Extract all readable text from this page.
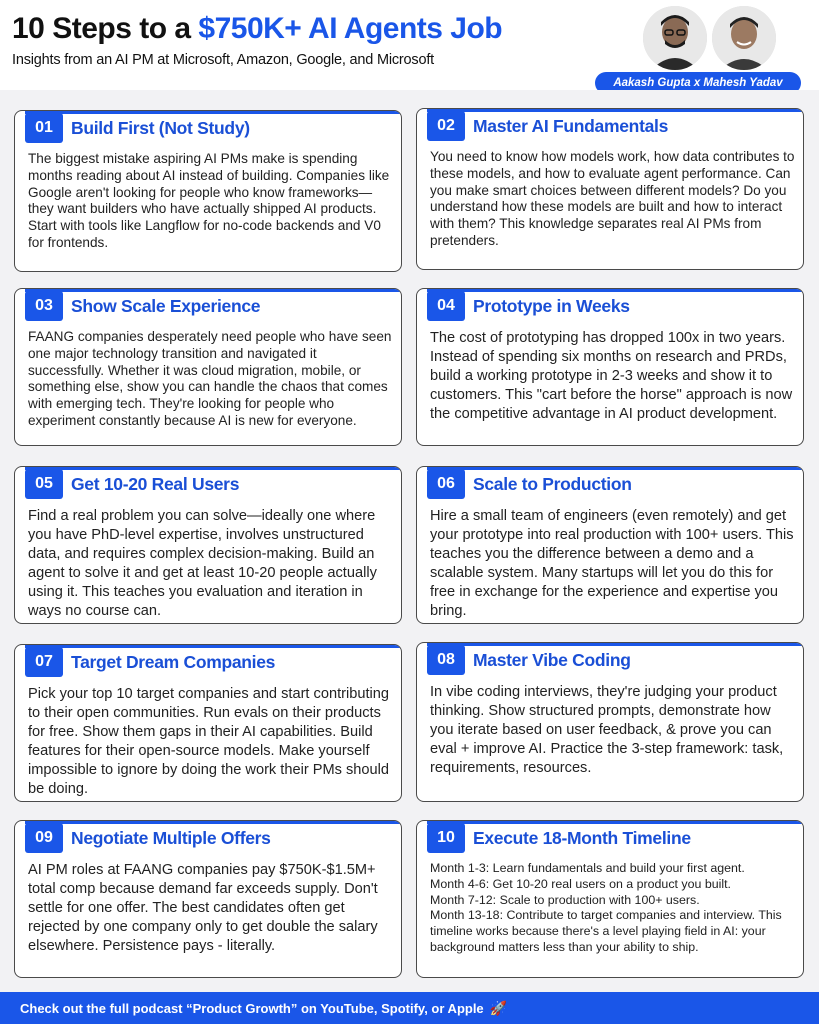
10 Steps to a $750K+ AI Agents Job
Insights from an AI PM at Microsoft, Amazon, Google, and Microsoft
Aakash Gupta x Mahesh Yadav
01	Build First (Not Study)
The biggest mistake aspiring AI PMs make is spending months reading about AI instead of building. Companies like Google aren't looking for people who know frameworks—they want builders who have actually shipped AI products. Start with tools like Langflow for no-code backends and V0 for frontends.
02	Master AI Fundamentals
You need to know how models work, how data contributes to these models, and how to evaluate agent performance. Can you make smart choices between different models? Do you understand how these models are built and how to interact with them? This knowledge separates real AI PMs from pretenders.
03	Show Scale Experience
FAANG companies desperately need people who have seen one major technology transition and navigated it successfully. Whether it was cloud migration, mobile, or something else, show you can handle the chaos that comes with emerging tech. They're looking for people who experiment constantly because AI is new for everyone.
04	Prototype in Weeks
The cost of prototyping has dropped 100x in two years. Instead of spending six months on research and PRDs, build a working prototype in 2-3 weeks and show it to customers. This "cart before the horse" approach is now the competitive advantage in AI product development.
05	Get 10-20 Real Users
Find a real problem you can solve—ideally one where you have PhD-level expertise, involves unstructured data, and requires complex decision-making. Build an agent to solve it and get at least 10-20 people actually using it. This teaches you evaluation and iteration in ways no course can.
06	Scale to Production
Hire a small team of engineers (even remotely) and get your prototype into real production with 100+ users. This teaches you the difference between a demo and a scalable system. Many startups will let you do this for free in exchange for the experience and expertise you bring.
07	Target Dream Companies
Pick your top 10 target companies and start contributing to their open communities. Run evals on their products for free. Show them gaps in their AI capabilities. Build features for their open-source models. Make yourself impossible to ignore by doing the work their PMs should be doing.
08	Master Vibe Coding
In vibe coding interviews, they're judging your product thinking. Show structured prompts, demonstrate how you iterate based on user feedback, & prove you can eval + improve AI. Practice the 3-step framework: task, requirements, resources.
09	Negotiate Multiple Offers
AI PM roles at FAANG companies pay $750K-$1.5M+ total comp because demand far exceeds supply. Don't settle for one offer. The best candidates often get rejected by one company only to get double the salary elsewhere. Persistence pays - literally.
10	Execute 18-Month Timeline
Month 1-3: Learn fundamentals and build your first agent.
Month 4-6: Get 10-20 real users on a product you built.
Month 7-12: Scale to production with 100+ users.
Month 13-18: Contribute to target companies and interview. This timeline works because there's a level playing field in AI: your background matters less than your ability to ship.
Check out the full podcast “Product Growth” on YouTube, Spotify, or Apple 🚀
